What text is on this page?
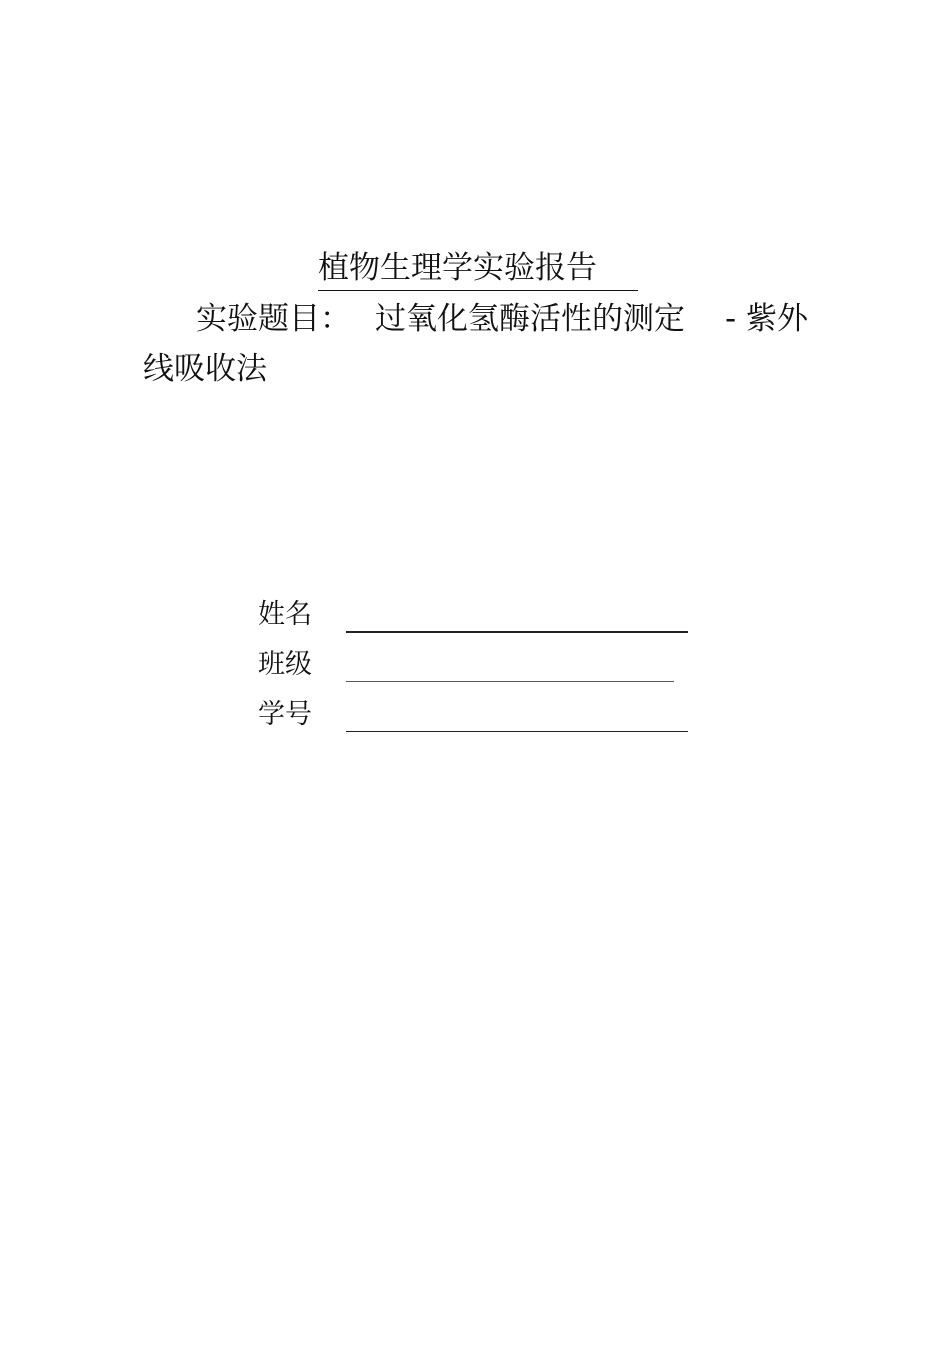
植物生理学实验报告
实验题目： 过氧化氢酶活性的测定 - 紫外
线吸收法
姓名
班级
学号
